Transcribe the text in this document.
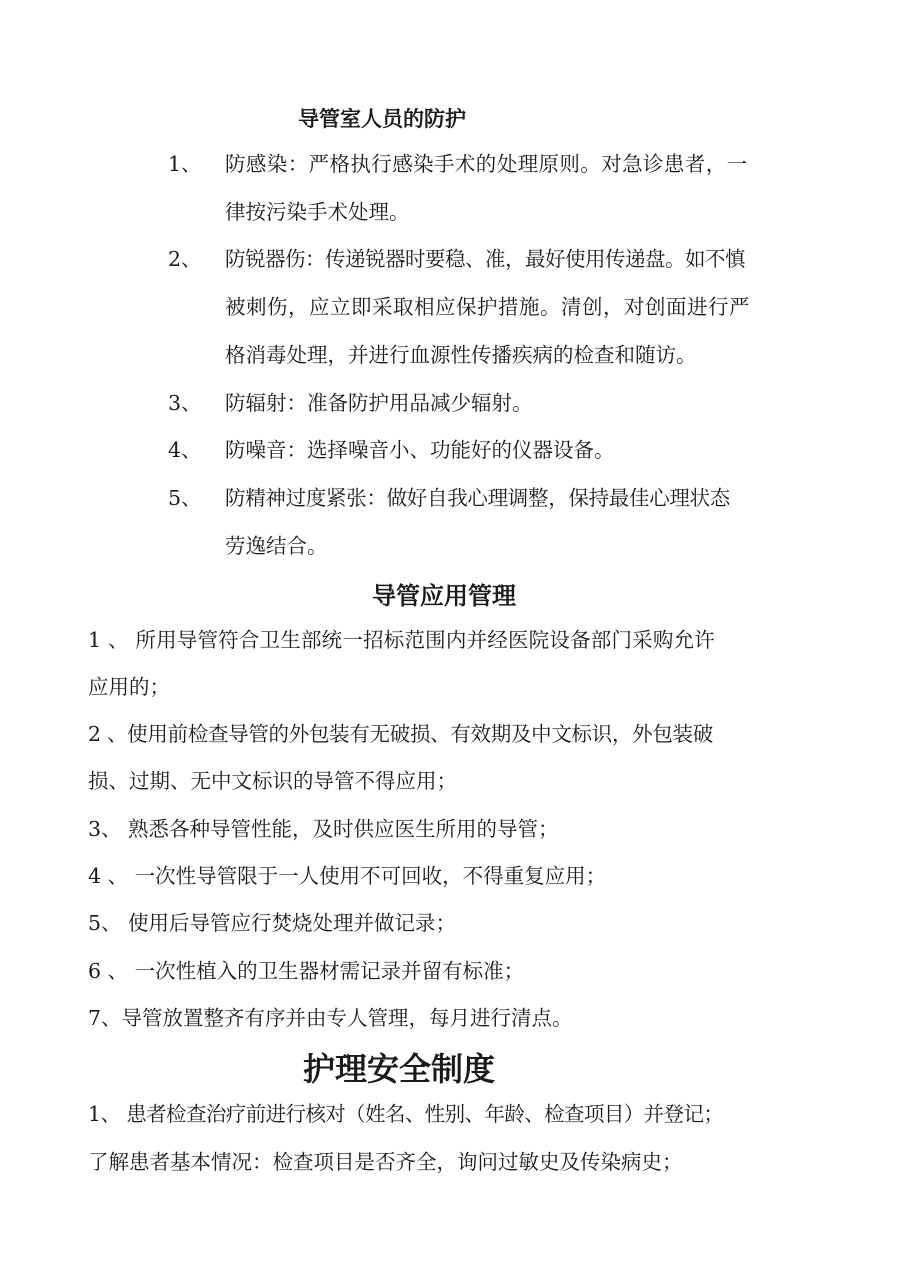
导管室人员的防护
1、 防感染：严格执行感染手术的处理原则。对急诊患者，一
律按污染手术处理。
2、 防锐器伤：传递锐器时要稳、准，最好使用传递盘。如不慎
被刺伤，应立即采取相应保护措施。清创，对创面进行严
格消毒处理，并进行血源性传播疾病的检查和随访。
3、 防辐射：准备防护用品减少辐射。
4、 防噪音：选择噪音小、功能好的仪器设备。
5、 防精神过度紧张：做好自我心理调整，保持最佳心理状态
劳逸结合。
导管应用管理
1 、 所用导管符合卫生部统一招标范围内并经医院设备部门采购允许
应用的；
2 、使用前检查导管的外包装有无破损、有效期及中文标识，外包装破
损、过期、无中文标识的导管不得应用；
3、 熟悉各种导管性能，及时供应医生所用的导管；
4 、 一次性导管限于一人使用不可回收，不得重复应用；
5、 使用后导管应行焚烧处理并做记录；
6 、 一次性植入的卫生器材需记录并留有标准；
7、导管放置整齐有序并由专人管理，每月进行清点。
护理安全制度
1、 患者检查治疗前进行核对（姓名、性别、年龄、检查项目）并登记；
了解患者基本情况：检查项目是否齐全，询问过敏史及传染病史；
